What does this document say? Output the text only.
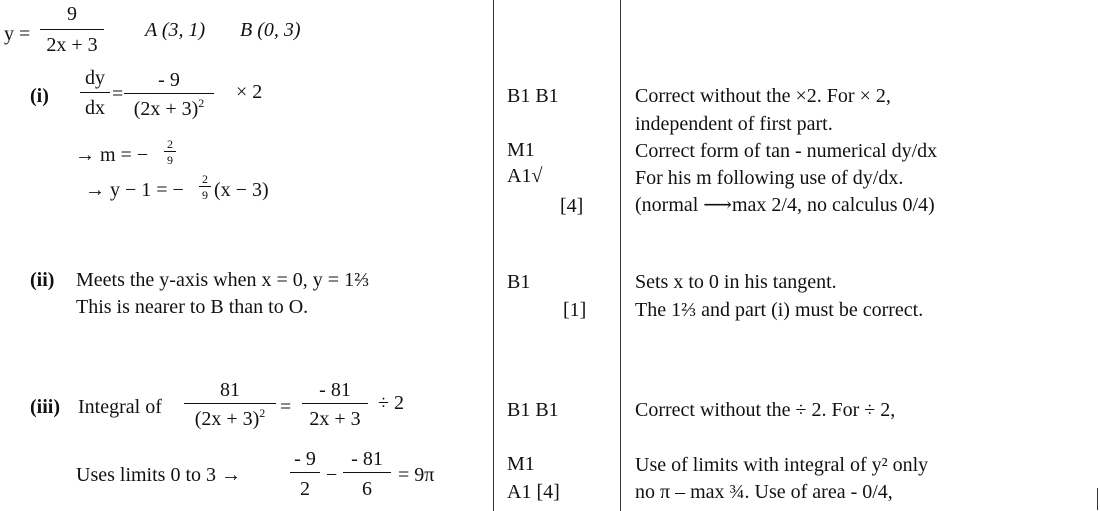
y =
9
2x + 3
A (3, 1) B (0, 3)
(i)
dy
dx
=
- 9
$(2x + 3)^2$	× 2
→ m = − 2
9
→ y − 1 = − 2
9 (x − 3)
B1 B1
M1
A1√
[4]
Correct without the ×2. For × 2,
independent of first part.
Correct form of tan - numerical dy/dx
For his m following use of dy/dx.
(normal ⟶max 2/4, no calculus 0/4)
(ii) Meets the y-axis when x = 0, y = 1⅔
This is nearer to B than to O.
B1
[1]
Sets x to 0 in his tangent.
The 1⅔ and part (i) must be correct.
(iii) Integral of
81
$(2x + 3)^2$ =
- 81
2x + 3
÷ 2
Uses limits 0 to 3 →
- 9
2
−
- 81
6
= 9π
B1 B1
M1
A1 [4]
Correct without the ÷ 2. For ÷ 2,
Use of limits with integral of y² only
no π – max ¾. Use of area - 0/4,
